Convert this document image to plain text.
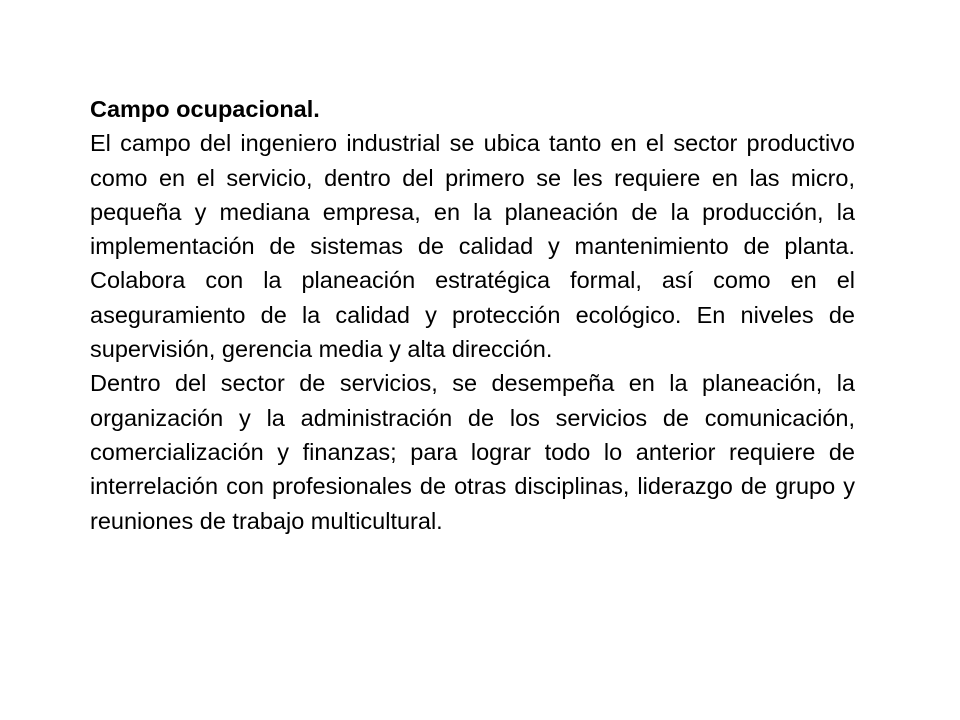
Campo ocupacional.

El campo del ingeniero industrial se ubica tanto en el sector productivo como en el servicio, dentro del primero se les requiere en las micro, pequeña y mediana empresa, en la planeación de la producción, la implementación de sistemas de calidad y mantenimiento de planta. Colabora con la planeación estratégica formal, así como en el aseguramiento de la calidad y protección ecológico. En niveles de supervisión, gerencia media y alta dirección.

Dentro del sector de servicios, se desempeña en la planeación, la organización y la administración de los servicios de comunicación, comercialización y finanzas; para lograr todo lo anterior requiere de interrelación con profesionales de otras disciplinas, liderazgo de grupo y reuniones de trabajo multicultural.
